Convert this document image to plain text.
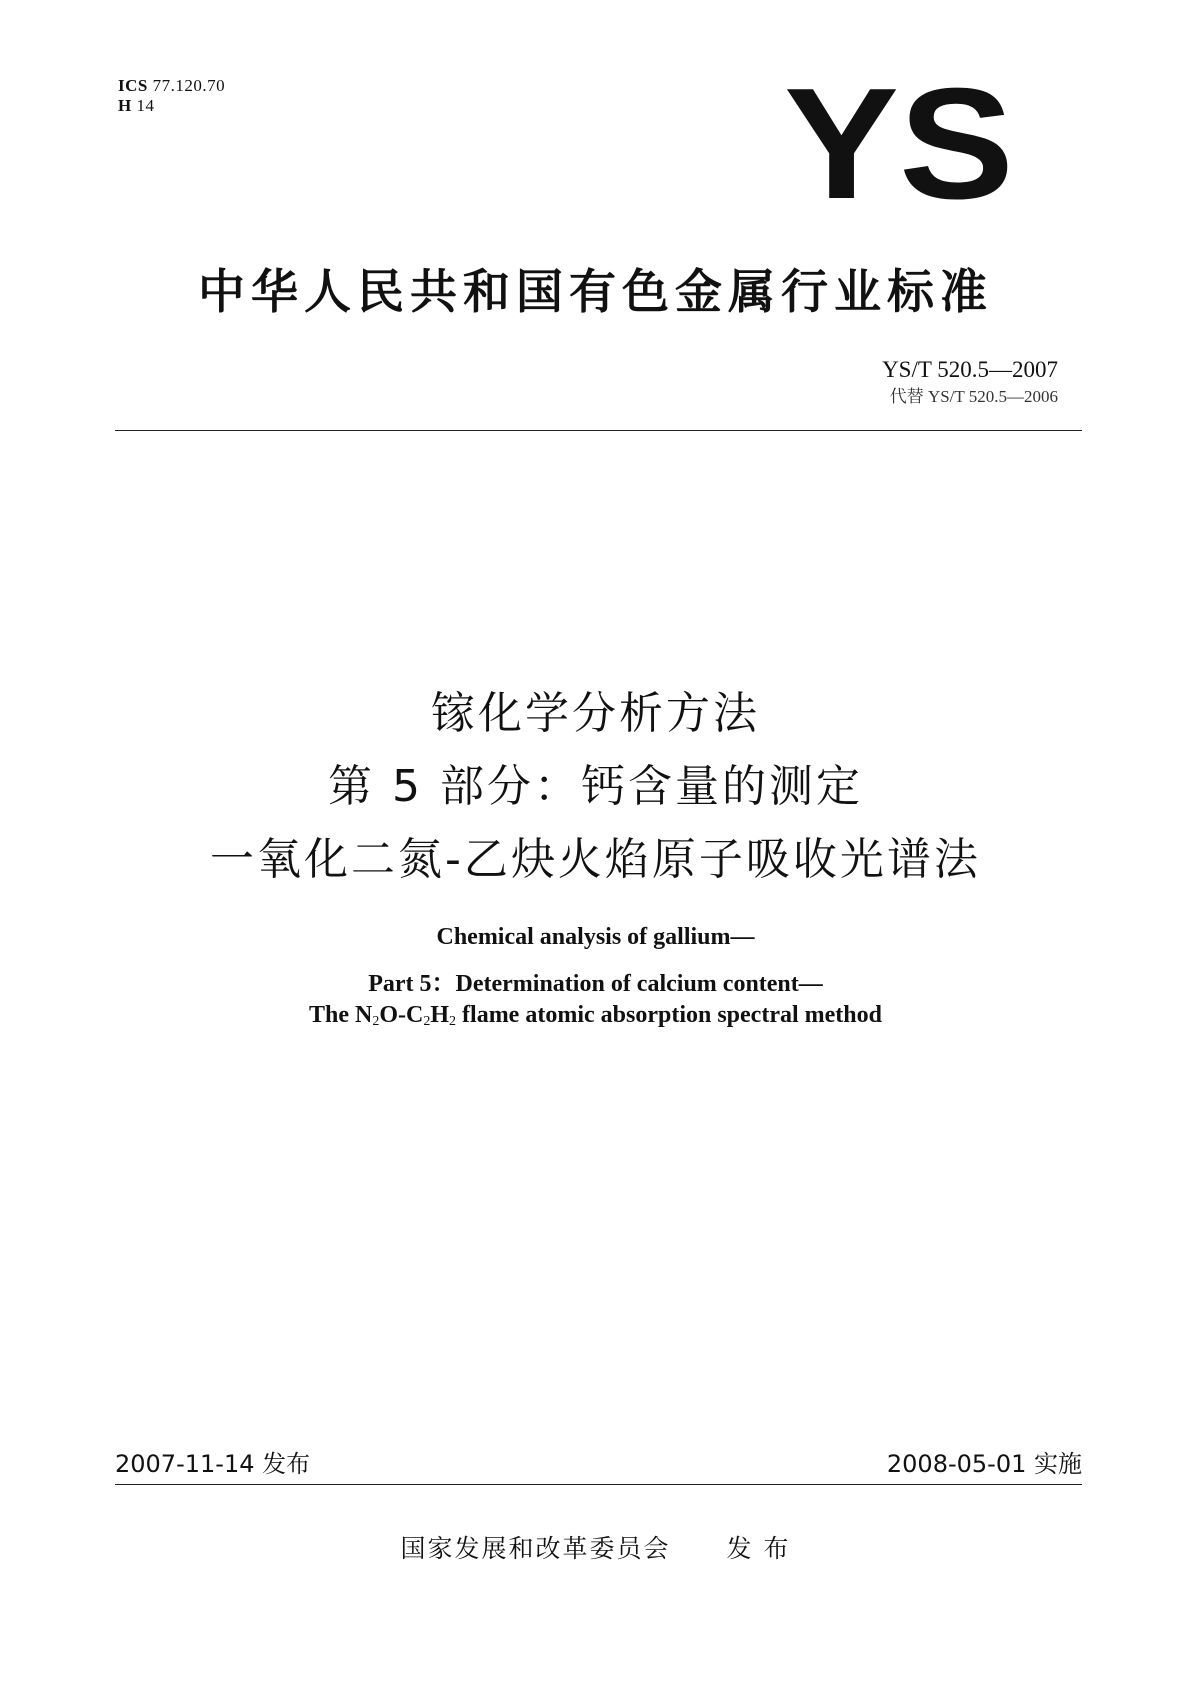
ICS 77.120.70
H 14	YS
中华人民共和国有色金属行业标准
YS/T 520.5—2007
代替 YS/T 520.5—2006
镓化学分析方法
第 5 部分：钙含量的测定
一氧化二氮-乙炔火焰原子吸收光谱法
Chemical analysis of gallium—
Part 5：Determination of calcium content—
The $N_2O-C_2H_2$ flame atomic absorption spectral method
2007-11-14 发布	2008-05-01 实施
国家发展和改革委员会 发 布
